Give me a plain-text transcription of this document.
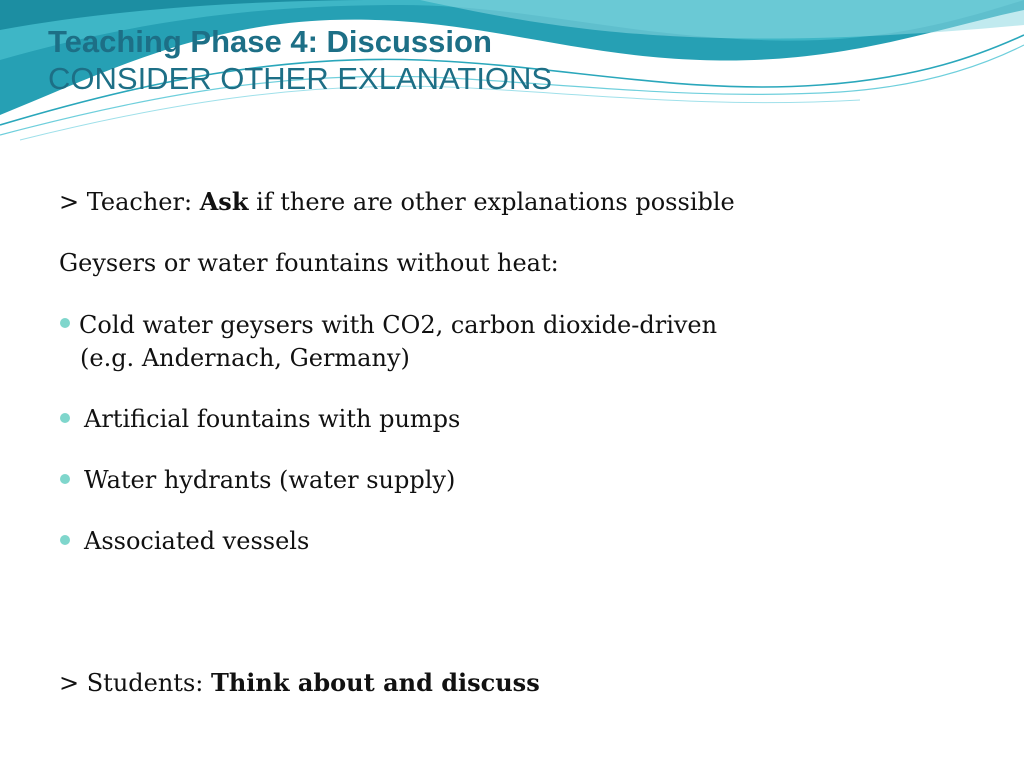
Teaching Phase 4: Discussion
CONSIDER OTHER EXLANATIONS
> Teacher: Ask if there are other explanations possible
Geysers or water fountains without heat:
Cold water geysers with CO2, carbon dioxide-driven
(e.g. Andernach, Germany)
Artificial fountains with pumps
Water hydrants (water supply)
Associated vessels
> Students: Think about and discuss
